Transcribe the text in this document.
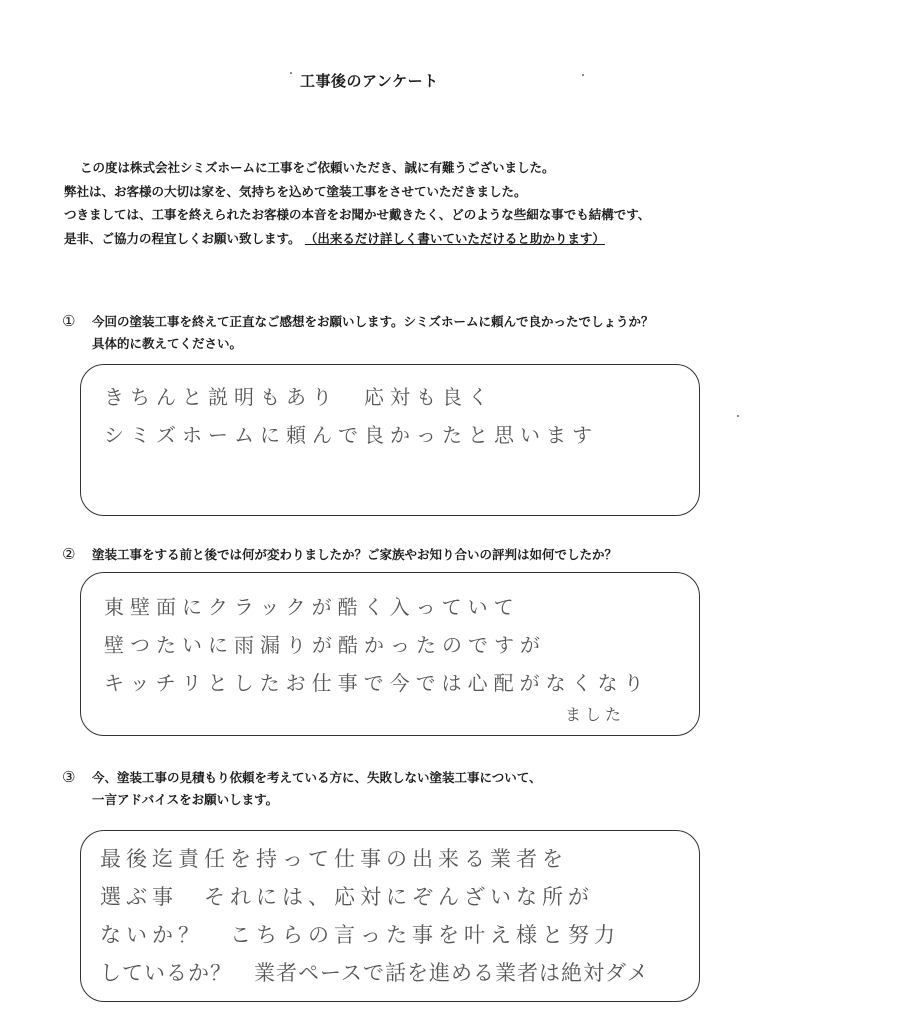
工事後のアンケート
この度は株式会社シミズホームに工事をご依頼いただき、誠に有難うございました。
弊社は、お客様の大切は家を、気持ちを込めて塗装工事をさせていただきました。
つきましては、工事を終えられたお客様の本音をお聞かせ戴きたく、どのような些細な事でも結構です、
是非、ご協力の程宜しくお願い致します。 （出来るだけ詳しく書いていただけると助かります）
① 今回の塗装工事を終えて正直なご感想をお願いします。シミズホームに頼んで良かったでしょうか？
具体的に教えてください。
きちんと説明もあり　応対も良く
シミズホームに頼んで良かったと思います
② 塗装工事をする前と後では何が変わりましたか？ご家族やお知り合いの評判は如何でしたか？
東壁面にクラックが酷く入っていて
壁つたいに雨漏りが酷かったのですが
キッチリとしたお仕事で今では心配がなくなり
ました
③ 今、塗装工事の見積もり依頼を考えている方に、失敗しない塗装工事について、
一言アドバイスをお願いします。
最後迄責任を持って仕事の出来る業者を
選ぶ事　それには、応対にぞんざいな所が
ないか？　こちらの言った事を叶え様と努力
しているか？　業者ペースで話を進める業者は絶対ダメ
